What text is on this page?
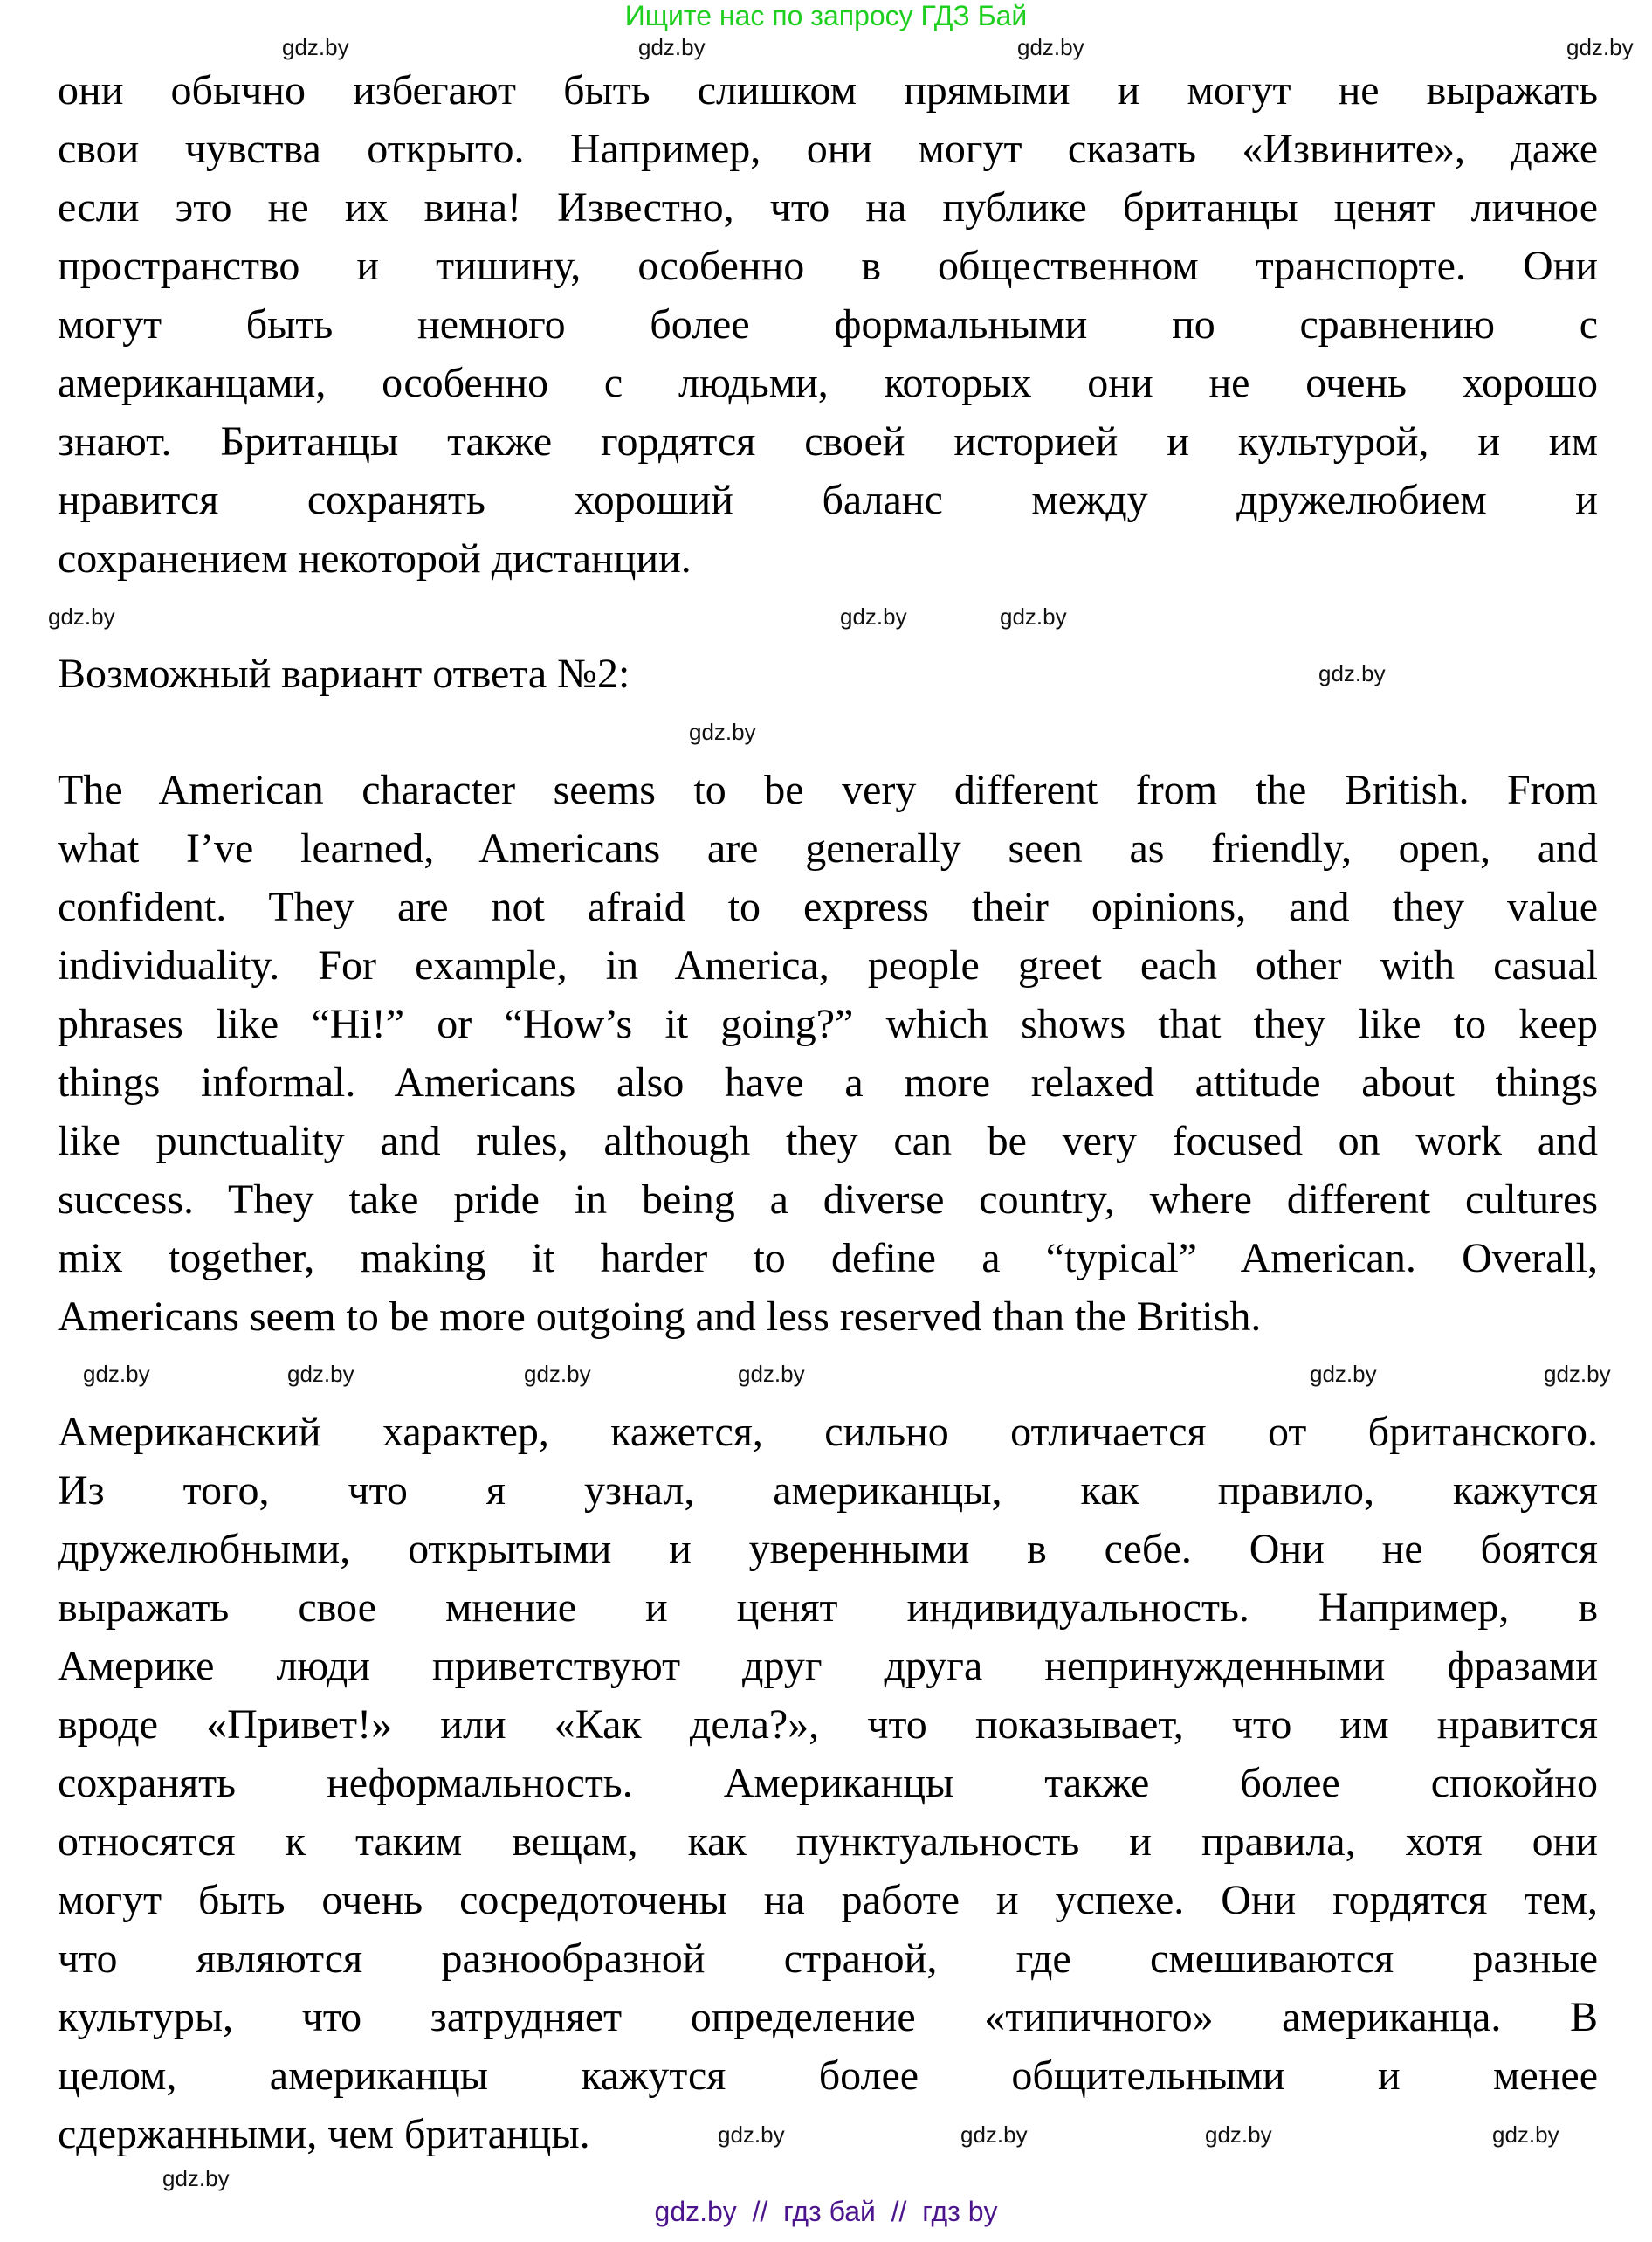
Ищите нас по запросу ГДЗ Бай
они обычно избегают быть слишком прямыми и могут не выражать
свои чувства открыто. Например, они могут сказать «Извините», даже
если это не их вина! Известно, что на публике британцы ценят личное
пространство и тишину, особенно в общественном транспорте. Они
могут быть немного более формальными по сравнению с
американцами, особенно с людьми, которых они не очень хорошо
знают. Британцы также гордятся своей историей и культурой, и им
нравится сохранять хороший баланс между дружелюбием и
сохранением некоторой дистанции.
Возможный вариант ответа №2:
The American character seems to be very different from the British. From
what I’ve learned, Americans are generally seen as friendly, open, and
confident. They are not afraid to express their opinions, and they value
individuality. For example, in America, people greet each other with casual
phrases like “Hi!” or “How’s it going?” which shows that they like to keep
things informal. Americans also have a more relaxed attitude about things
like punctuality and rules, although they can be very focused on work and
success. They take pride in being a diverse country, where different cultures
mix together, making it harder to define a “typical” American. Overall,
Americans seem to be more outgoing and less reserved than the British.
Американский характер, кажется, сильно отличается от британского.
Из того, что я узнал, американцы, как правило, кажутся
дружелюбными, открытыми и уверенными в себе. Они не боятся
выражать свое мнение и ценят индивидуальность. Например, в
Америке люди приветствуют друг друга непринужденными фразами
вроде «Привет!» или «Как дела?», что показывает, что им нравится
сохранять неформальность. Американцы также более спокойно
относятся к таким вещам, как пунктуальность и правила, хотя они
могут быть очень сосредоточены на работе и успехе. Они гордятся тем,
что являются разнообразной страной, где смешиваются разные
культуры, что затрудняет определение «типичного» американца. В
целом, американцы кажутся более общительными и менее
сдержанными, чем британцы.
gdz.by	gdz.by	gdz.by
gdz.by
gdz.by
gdz.by
gdz.by
gdz.by
gdz.by
gdz.by	gdz.by	gdz.by
gdz.by	gdz.by
gdz.by
gdz.by
gdz.by
gdz.by
gdz.by
gdz.by
gdz.by  //  гдз бай  //  гдз by
